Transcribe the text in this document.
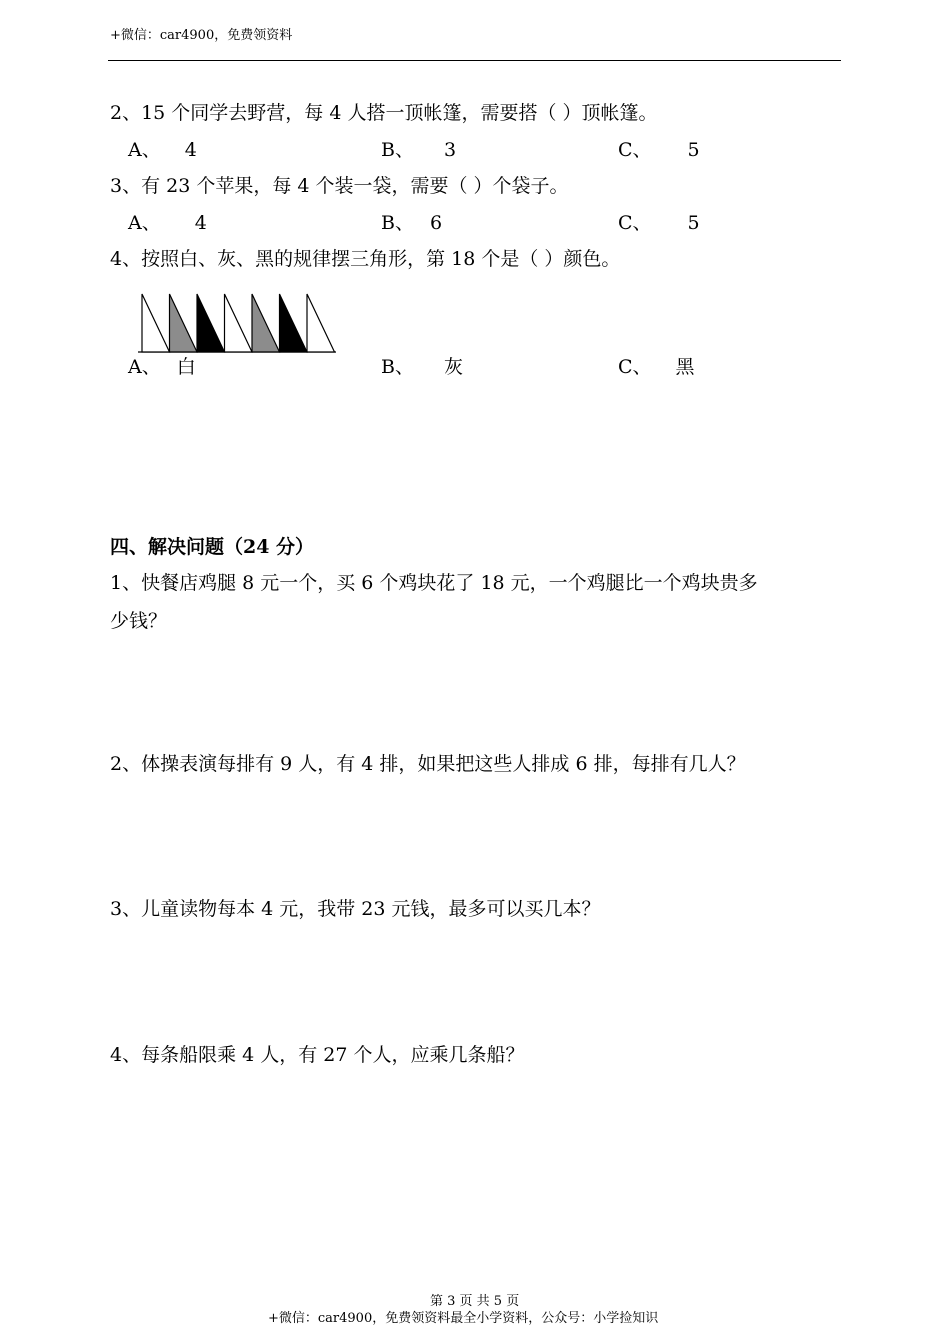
+微信：car4900，免费领资料
2、15 个同学去野营，每 4 人搭一顶帐篷，需要搭（ ）顶帐篷。
A、 4	B、 3	C、 5
3、有 23 个苹果，每 4 个装一袋，需要（ ）个袋子。
A、 4	B、 6	C、 5
4、按照白、灰、黑的规律摆三角形，第 18 个是（ ）颜色。
A、 白	B、 灰	C、 黑
四、解决问题（24 分）
1、快餐店鸡腿 8 元一个，买 6 个鸡块花了 18 元，一个鸡腿比一个鸡块贵多
少钱？
2、体操表演每排有 9 人，有 4 排，如果把这些人排成 6 排，每排有几人？
3、儿童读物每本 4 元，我带 23 元钱，最多可以买几本？
4、每条船限乘 4 人，有 27 个人，应乘几条船？
第 3 页 共 5 页
+微信：car4900，免费领资料最全小学资料，公众号：小学捡知识
